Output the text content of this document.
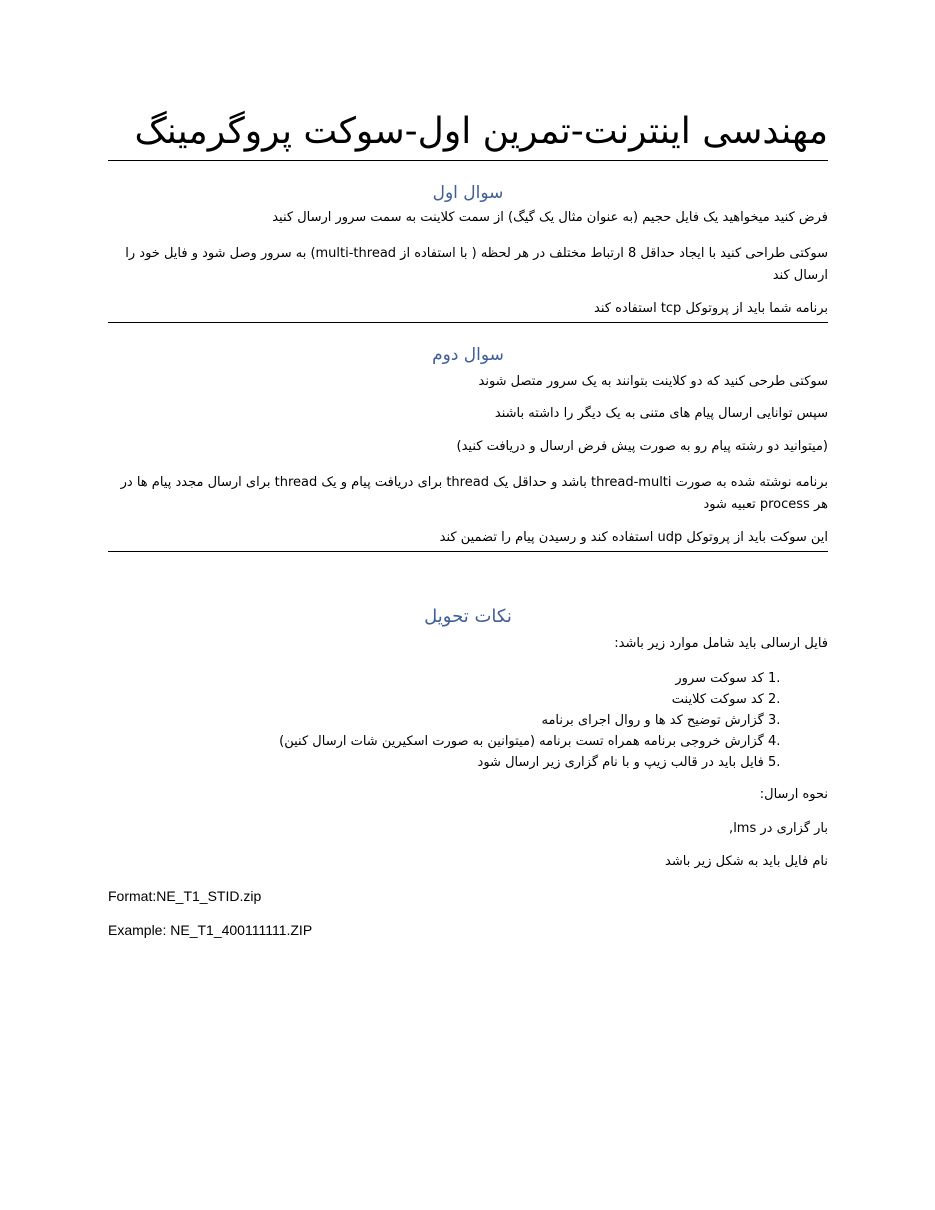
مهندسی اینترنت-تمرین اول-سوکت پروگرمینگ
سوال اول
فرض کنید میخواهید یک فایل حجیم (به عنوان مثال یک گیگ) از سمت کلاینت به سمت سرور ارسال کنید
سوکتی طراحی کنید با ایجاد حداقل 8 ارتباط مختلف در هر لحظه ( با استفاده از multi-thread) به سرور وصل شود و فایل خود را ارسال کند
برنامه شما باید از پروتوکل tcp استفاده کند
سوال دوم
سوکتی طرحی کنید که دو کلاینت بتوانند به یک سرور متصل شوند
سپس توانایی ارسال پیام های متنی به یک دیگر را داشته باشند
(میتوانید دو رشته پیام رو به صورت پیش فرض ارسال و دریافت کنید)
برنامه نوشته شده به صورت thread-multi باشد و حداقل یک thread برای دریافت پیام و یک thread برای ارسال مجدد پیام ها در هر process تعبیه شود
این سوکت باید از پروتوکل udp استفاده کند و رسیدن پیام را تضمین کند
نکات تحویل
فایل ارسالی باید شامل موارد زیر باشد:
1. کد سوکت سرور
2. کد سوکت کلاینت
3. گزارش توضیح کد ها و روال اجرای برنامه
4. گزارش خروجی برنامه همراه تست برنامه (میتوانین به صورت اسکیرین شات ارسال کنین)
5. فایل باید در قالب زیپ و با نام گزاری زیر ارسال شود
نحوه ارسال:
بار گزاری در lms,
نام فایل باید به شکل زیر باشد
Format:NE_T1_STID.zip
Example: NE_T1_400111111.ZIP
